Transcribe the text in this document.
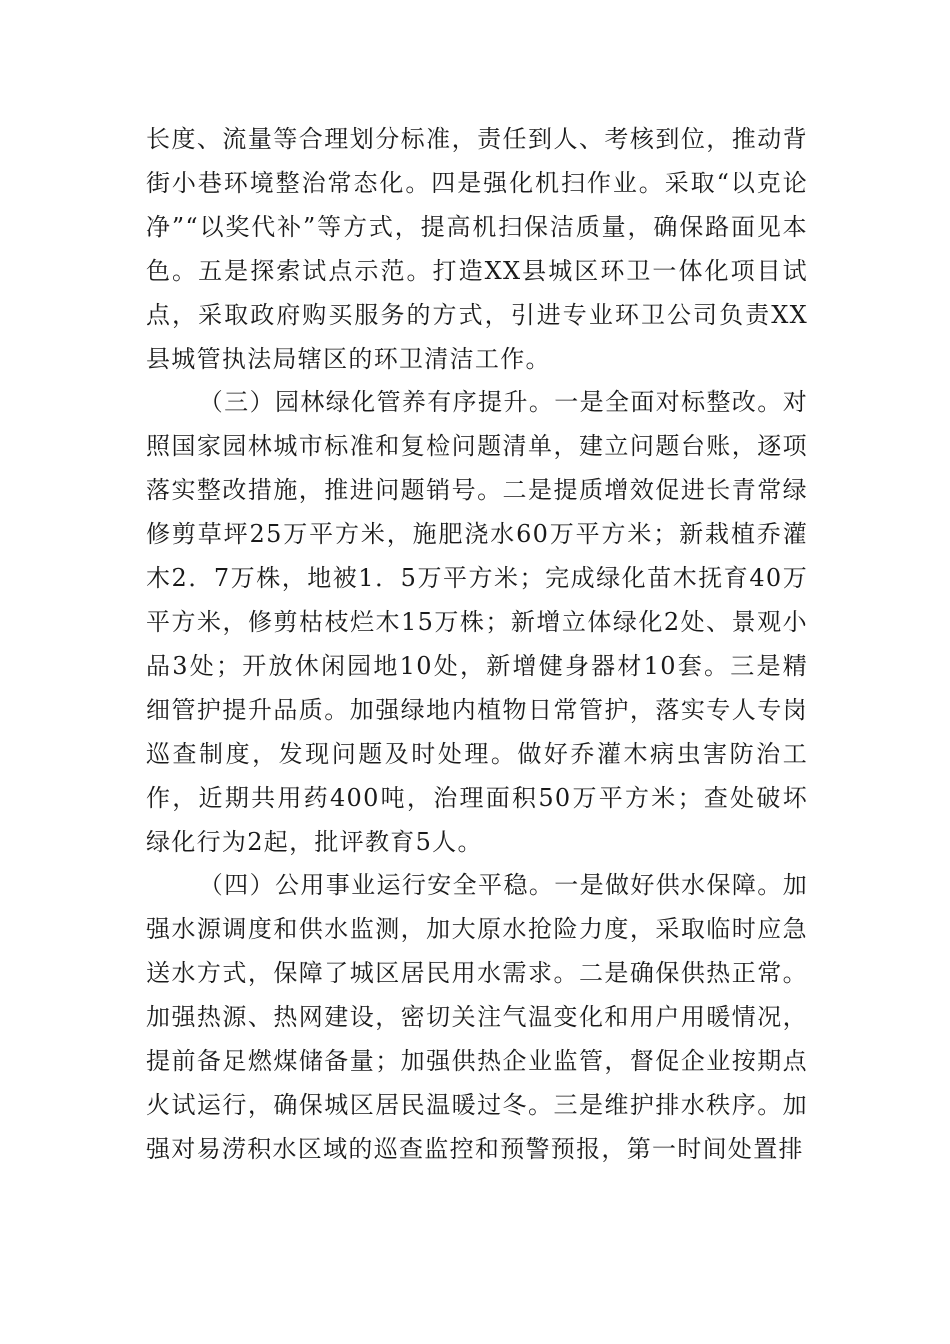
长度、流量等合理划分标准，责任到人、考核到位，推动背街小巷环境整治常态化。四是强化机扫作业。采取“以克论净”“以奖代补”等方式，提高机扫保洁质量，确保路面见本色。五是探索试点示范。打造XX县城区环卫一体化项目试点，采取政府购买服务的方式，引进专业环卫公司负责XX县城管执法局辖区的环卫清洁工作。

（三）园林绿化管养有序提升。一是全面对标整改。对照国家园林城市标准和复检问题清单，建立问题台账，逐项落实整改措施，推进问题销号。二是提质增效促进长青常绿修剪草坪25万平方米，施肥浇水60万平方米；新栽植乔灌木2．7万株，地被1．5万平方米；完成绿化苗木抚育40万平方米，修剪枯枝烂木15万株；新增立体绿化2处、景观小品3处；开放休闲园地10处，新增健身器材10套。三是精细管护提升品质。加强绿地内植物日常管护，落实专人专岗巡查制度，发现问题及时处理。做好乔灌木病虫害防治工作，近期共用药400吨，治理面积50万平方米；查处破坏绿化行为2起，批评教育5人。

（四）公用事业运行安全平稳。一是做好供水保障。加强水源调度和供水监测，加大原水抢险力度，采取临时应急送水方式，保障了城区居民用水需求。二是确保供热正常。加强热源、热网建设，密切关注气温变化和用户用暖情况，提前备足燃煤储备量；加强供热企业监管，督促企业按期点火试运行，确保城区居民温暖过冬。三是维护排水秩序。加强对易涝积水区域的巡查监控和预警预报，第一时间处置排
